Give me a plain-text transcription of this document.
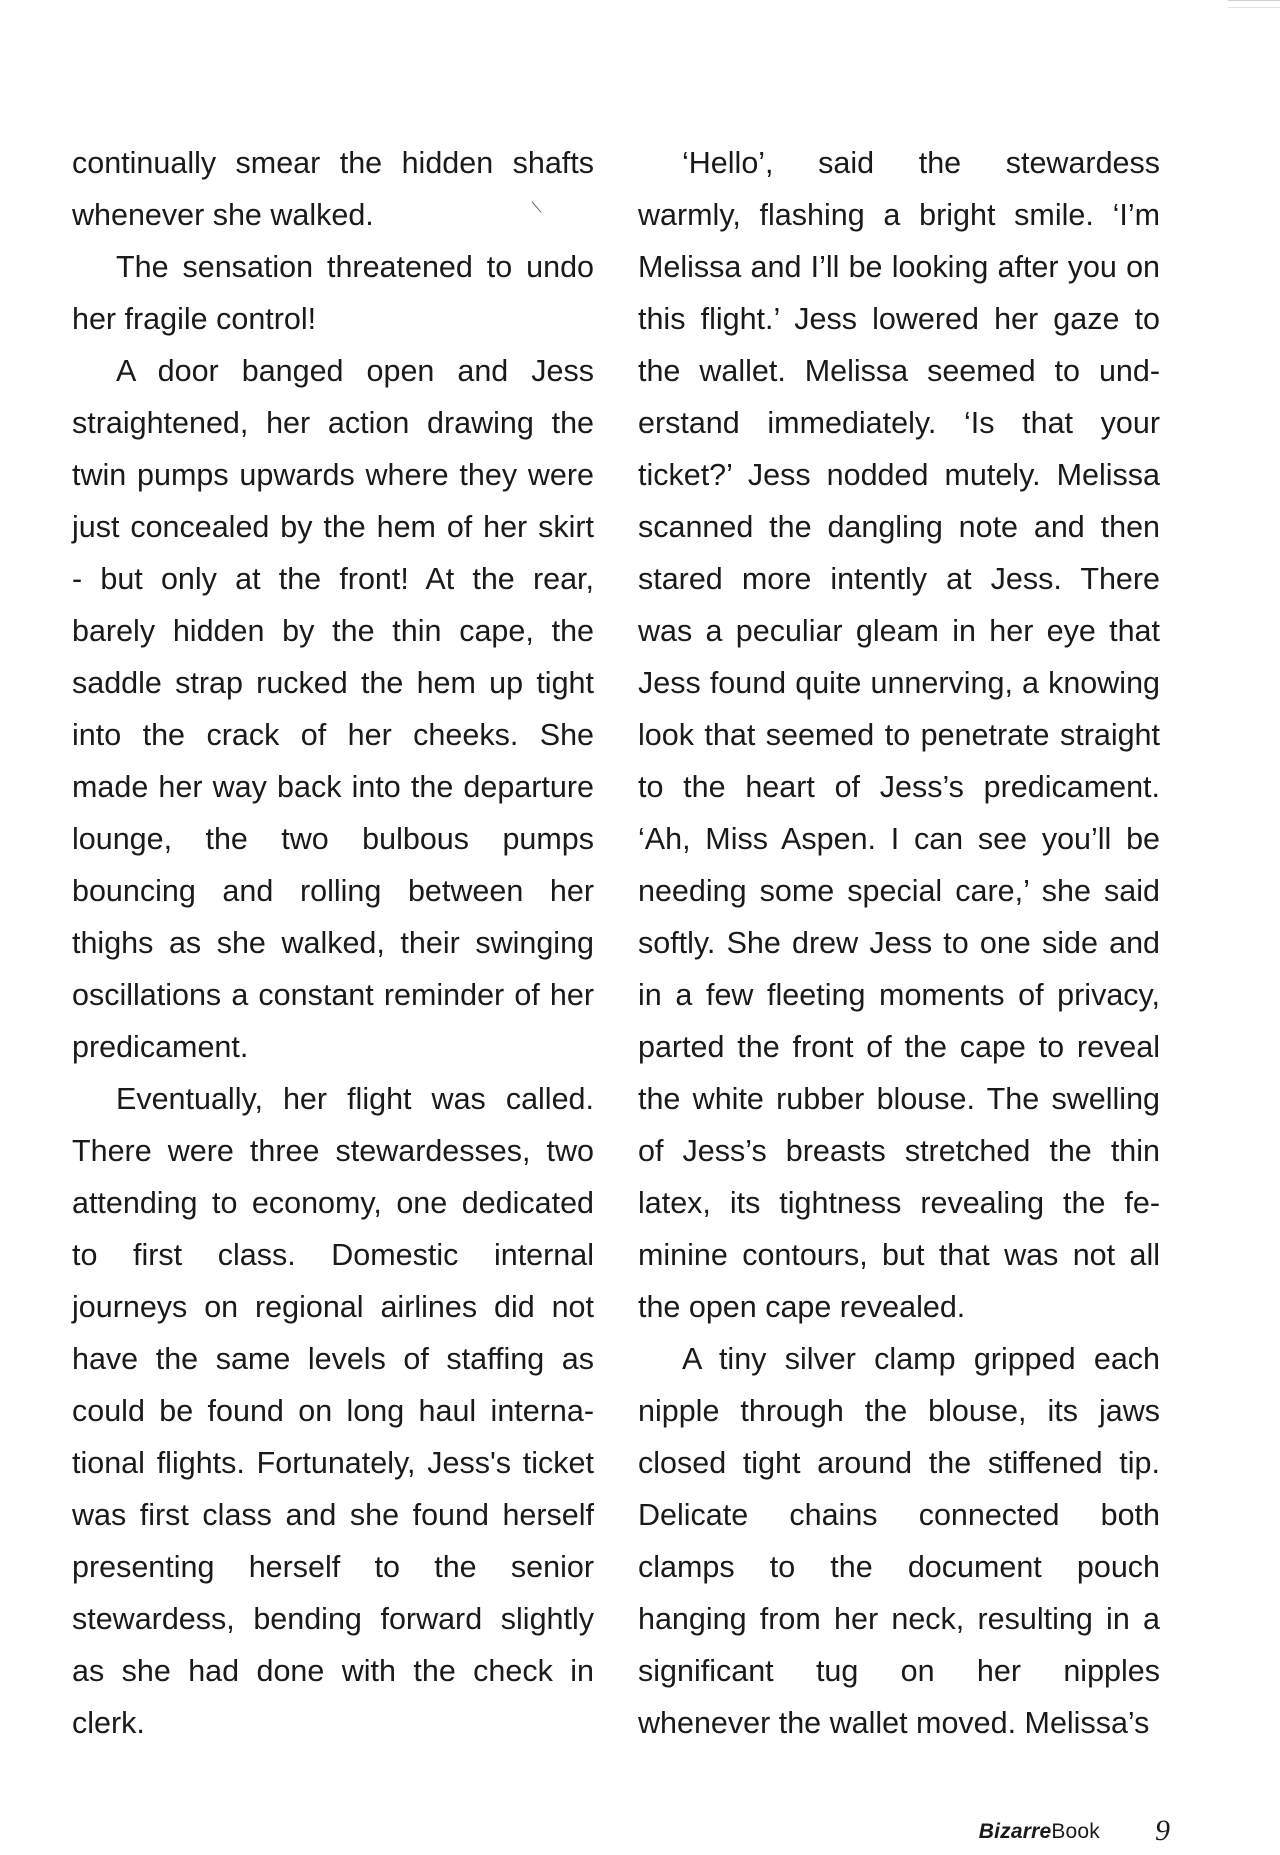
continually smear the hidden shafts whenever she walked.

The sensation threatened to undo her fragile control!

A door banged open and Jess straightened, her action drawing the twin pumps upwards where they were just concealed by the hem of her skirt - but only at the front! At the rear, barely hidden by the thin cape, the saddle strap rucked the hem up tight into the crack of her cheeks. She made her way back into the departure lounge, the two bulbous pumps bouncing and rolling between her thighs as she walked, their swinging oscillations a constant reminder of her predicament.

Eventually, her flight was called. There were three stewardesses, two attending to economy, one dedicated to first class. Domestic internal journeys on regional airlines did not have the same levels of staffing as could be found on long haul international flights. Fortunately, Jess's ticket was first class and she found herself presenting herself to the senior stewardess, bending forward slightly as she had done with the check in clerk.

‘Hello’, said the stewardess warmly, flashing a bright smile. ‘I’m Melissa and I’ll be looking after you on this flight.’ Jess lowered her gaze to the wallet. Melissa seemed to understand immediately. ‘Is that your ticket?’ Jess nodded mutely. Melissa scanned the dangling note and then stared more intently at Jess. There was a peculiar gleam in her eye that Jess found quite unnerving, a knowing look that seemed to penetrate straight to the heart of Jess’s predicament. ‘Ah, Miss Aspen. I can see you’ll be needing some special care,’ she said softly. She drew Jess to one side and in a few fleeting moments of privacy, parted the front of the cape to reveal the white rubber blouse. The swelling of Jess’s breasts stretched the thin latex, its tightness revealing the feminine contours, but that was not all the open cape revealed.

A tiny silver clamp gripped each nipple through the blouse, its jaws closed tight around the stiffened tip. Delicate chains connected both clamps to the document pouch hanging from her neck, resulting in a significant tug on her nipples whenever the wallet moved. Melissa’s

BizarreBook 9
